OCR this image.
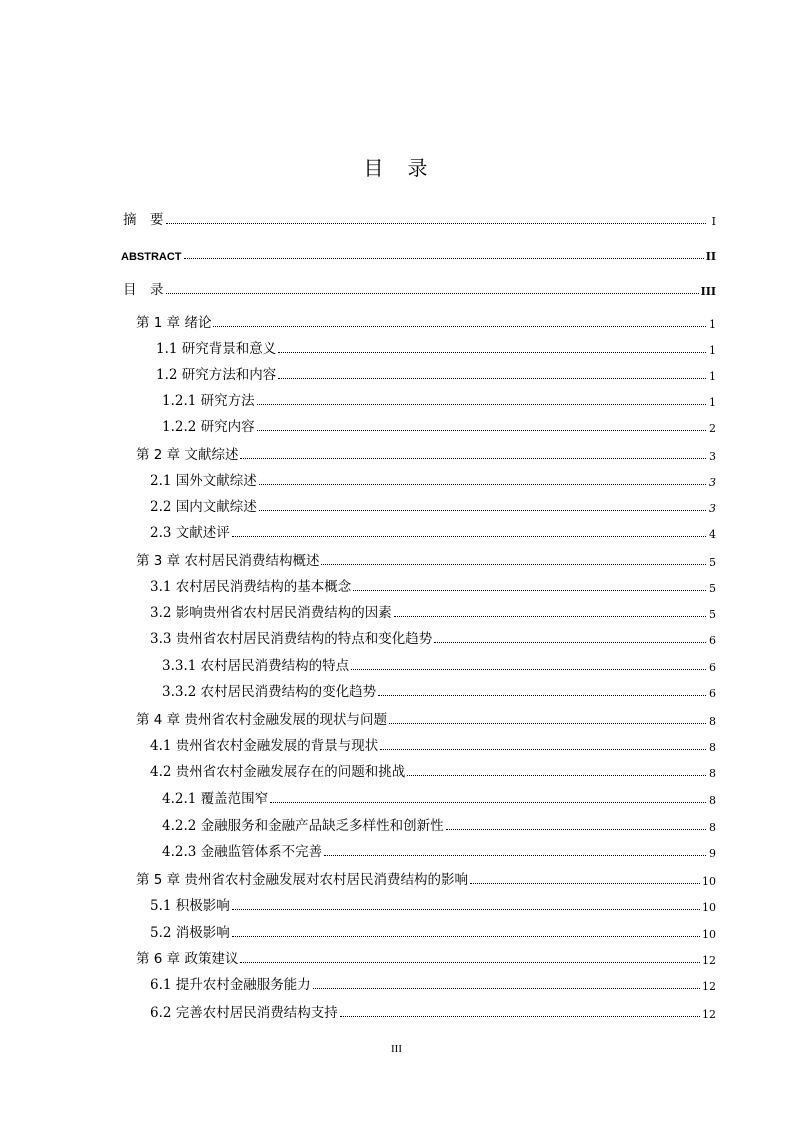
目 录
摘　要	I
ABSTRACT	II
目　录	III
第 1 章 绪论	1
1.1 研究背景和意义	1
1.2 研究方法和内容	1
1.2.1 研究方法	1
1.2.2 研究内容	2
第 2 章 文献综述	3
2.1 国外文献综述	3
2.2 国内文献综述	3
2.3 文献述评	4
第 3 章 农村居民消费结构概述	5
3.1 农村居民消费结构的基本概念	5
3.2 影响贵州省农村居民消费结构的因素	5
3.3 贵州省农村居民消费结构的特点和变化趋势	6
3.3.1 农村居民消费结构的特点	6
3.3.2 农村居民消费结构的变化趋势	6
第 4 章 贵州省农村金融发展的现状与问题	8
4.1 贵州省农村金融发展的背景与现状	8
4.2 贵州省农村金融发展存在的问题和挑战	8
4.2.1 覆盖范围窄	8
4.2.2 金融服务和金融产品缺乏多样性和创新性	8
4.2.3 金融监管体系不完善	9
第 5 章 贵州省农村金融发展对农村居民消费结构的影响	10
5.1 积极影响	10
5.2 消极影响	10
第 6 章 政策建议	12
6.1 提升农村金融服务能力	12
6.2 完善农村居民消费结构支持	12
III
